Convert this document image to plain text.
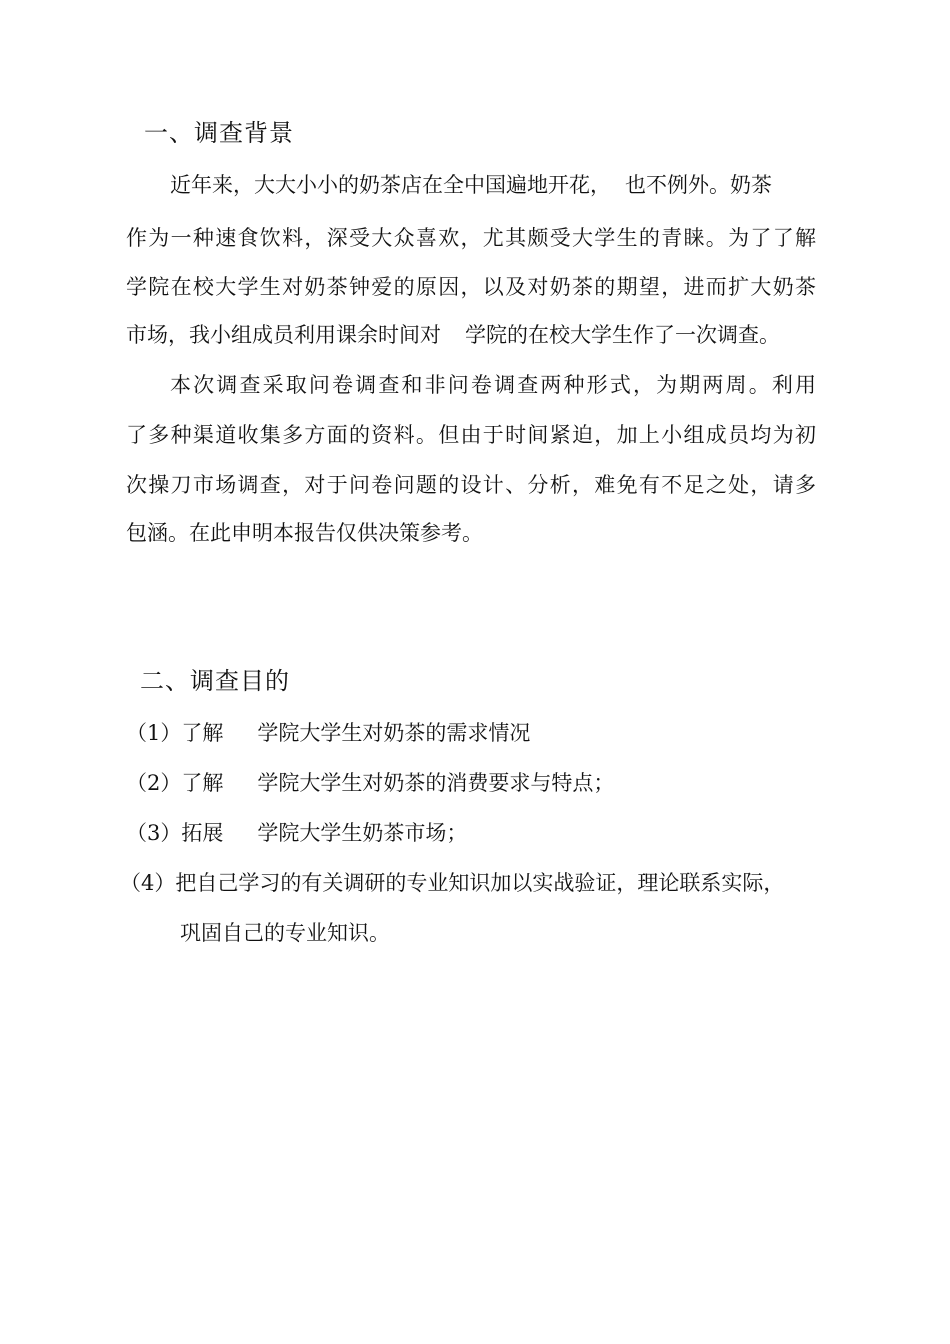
一、调查背景
近年来，大大小小的奶茶店在全中国遍地开花， 也不例外。奶茶
作为一种速食饮料，深受大众喜欢，尤其颇受大学生的青睐。为了了解
学院在校大学生对奶茶钟爱的原因，以及对奶茶的期望，进而扩大奶茶
市场，我小组成员利用课余时间对 学院的在校大学生作了一次调查。
本次调查采取问卷调查和非问卷调查两种形式，为期两周。利用
了多种渠道收集多方面的资料。但由于时间紧迫，加上小组成员均为初
次操刀市场调查，对于问卷问题的设计、分析，难免有不足之处，请多
包涵。在此申明本报告仅供决策参考。
二、调查目的
（1）了解 学院大学生对奶茶的需求情况
（2）了解 学院大学生对奶茶的消费要求与特点；
（3）拓展 学院大学生奶茶市场；
（4）把自己学习的有关调研的专业知识加以实战验证，理论联系实际，
巩固自己的专业知识。
